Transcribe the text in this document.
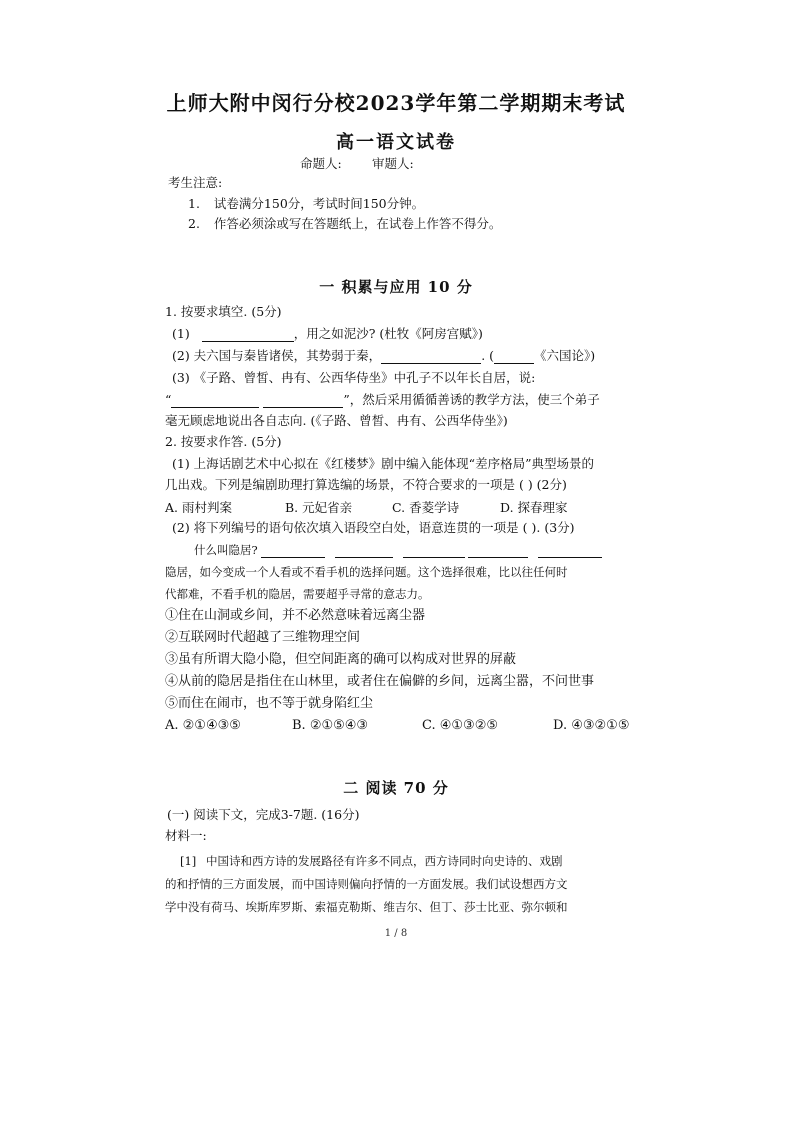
上师大附中闵行分校2023学年第二学期期末考试
高一语文试卷
命题人: 审题人:
考生注意:
1. 试卷满分150分，考试时间150分钟。
2. 作答必须涂或写在答题纸上，在试卷上作答不得分。
一 积累与应用 10 分
1. 按要求填空. (5分)
(1)	，用之如泥沙? (杜牧《阿房宫赋》)
(2) 夫六国与秦皆诸侯，其势弱于秦，	. (	《六国论》)
(3) 《子路、曾皙、冉有、公西华侍坐》中孔子不以年长自居，说:
“	”，然后采用循循善诱的教学方法，使三个弟子
毫无顾虑地说出各自志向. (《子路、曾皙、冉有、公西华侍坐》)
2. 按要求作答. (5分)
(1) 上海话剧艺术中心拟在《红楼梦》剧中编入能体现“差序格局”典型场景的
几出戏。下列是编剧助理打算选编的场景，不符合要求的一项是 ( ) (2分)
A. 雨村判案	B. 元妃省亲	C. 香菱学诗	D. 探春理家
(2) 将下列编号的语句依次填入语段空白处，语意连贯的一项是 ( ). (3分)
什么叫隐居?
隐居，如今变成一个人看或不看手机的选择问题。这个选择很难，比以往任何时
代都难，不看手机的隐居，需要超乎寻常的意志力。
①住在山洞或乡间，并不必然意味着远离尘器
②互联网时代超越了三维物理空间
③虽有所谓大隐小隐，但空间距离的确可以构成对世界的屏蔽
④从前的隐居是指住在山林里，或者住在偏僻的乡间，远离尘嚣，不问世事
⑤而住在闹市，也不等于就身陷红尘
A. ②①④③⑤	B. ②①⑤④③	C. ④①③②⑤	D. ④③②①⑤
二 阅读 70 分
(一) 阅读下文，完成3-7题. (16分)
材料一:
[1] 中国诗和西方诗的发展路径有许多不同点，西方诗同时向史诗的、戏剧
的和抒情的三方面发展，而中国诗则偏向抒情的一方面发展。我们试设想西方文
学中没有荷马、埃斯库罗斯、索福克勒斯、维吉尔、但丁、莎士比亚、弥尔顿和
1 / 8
